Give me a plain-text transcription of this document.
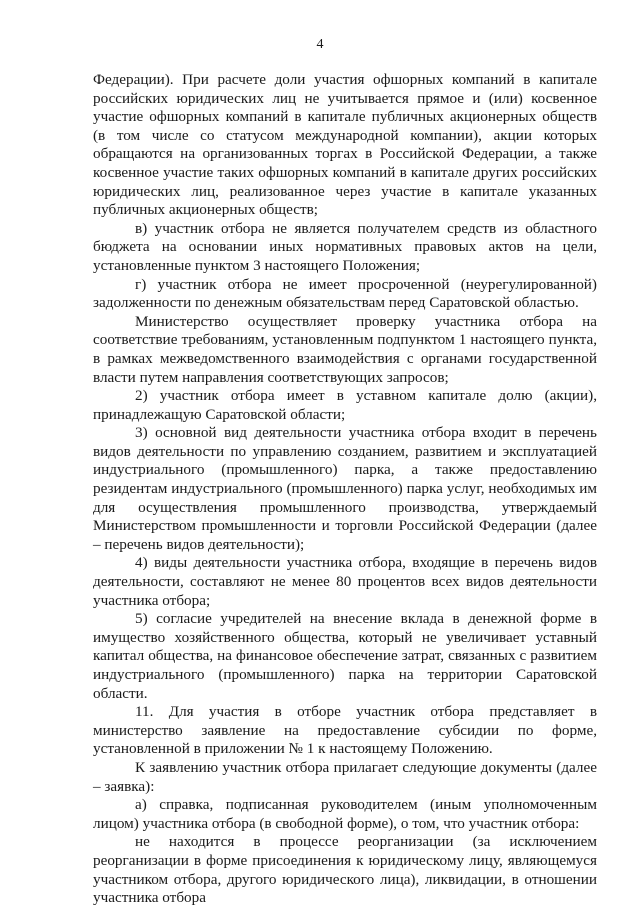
4

Федерации). При расчете доли участия офшорных компаний в капитале российских юридических лиц не учитывается прямое и (или) косвенное участие офшорных компаний в капитале публичных акционерных обществ (в том числе со статусом международной компании), акции которых обращаются на организованных торгах в Российской Федерации, а также косвенное участие таких офшорных компаний в капитале других российских юридических лиц, реализованное через участие в капитале указанных публичных акционерных обществ;

в) участник отбора не является получателем средств из областного бюджета на основании иных нормативных правовых актов на цели, установленные пунктом 3 настоящего Положения;

г) участник отбора не имеет просроченной (неурегулированной) задолженности по денежным обязательствам перед Саратовской областью.

Министерство осуществляет проверку участника отбора на соответствие требованиям, установленным подпунктом 1 настоящего пункта, в рамках межведомственного взаимодействия с органами государственной власти путем направления соответствующих запросов;

2) участник отбора имеет в уставном капитале долю (акции), принадлежащую Саратовской области;

3) основной вид деятельности участника отбора входит в перечень видов деятельности по управлению созданием, развитием и эксплуатацией индустриального (промышленного) парка, а также предоставлению резидентам индустриального (промышленного) парка услуг, необходимых им для осуществления промышленного производства, утверждаемый Министерством промышленности и торговли Российской Федерации (далее – перечень видов деятельности);

4) виды деятельности участника отбора, входящие в перечень видов деятельности, составляют не менее 80 процентов всех видов деятельности участника отбора;

5) согласие учредителей на внесение вклада в денежной форме в имущество хозяйственного общества, который не увеличивает уставный капитал общества, на финансовое обеспечение затрат, связанных с развитием индустриального (промышленного) парка на территории Саратовской области.

11. Для участия в отборе участник отбора представляет в министерство заявление на предоставление субсидии по форме, установленной в приложении № 1 к настоящему Положению.

К заявлению участник отбора прилагает следующие документы (далее – заявка):

а) справка, подписанная руководителем (иным уполномоченным лицом) участника отбора (в свободной форме), о том, что участник отбора:

не находится в процессе реорганизации (за исключением реорганизации в форме присоединения к юридическому лицу, являющемуся участником отбора, другого юридического лица), ликвидации, в отношении участника отбора
